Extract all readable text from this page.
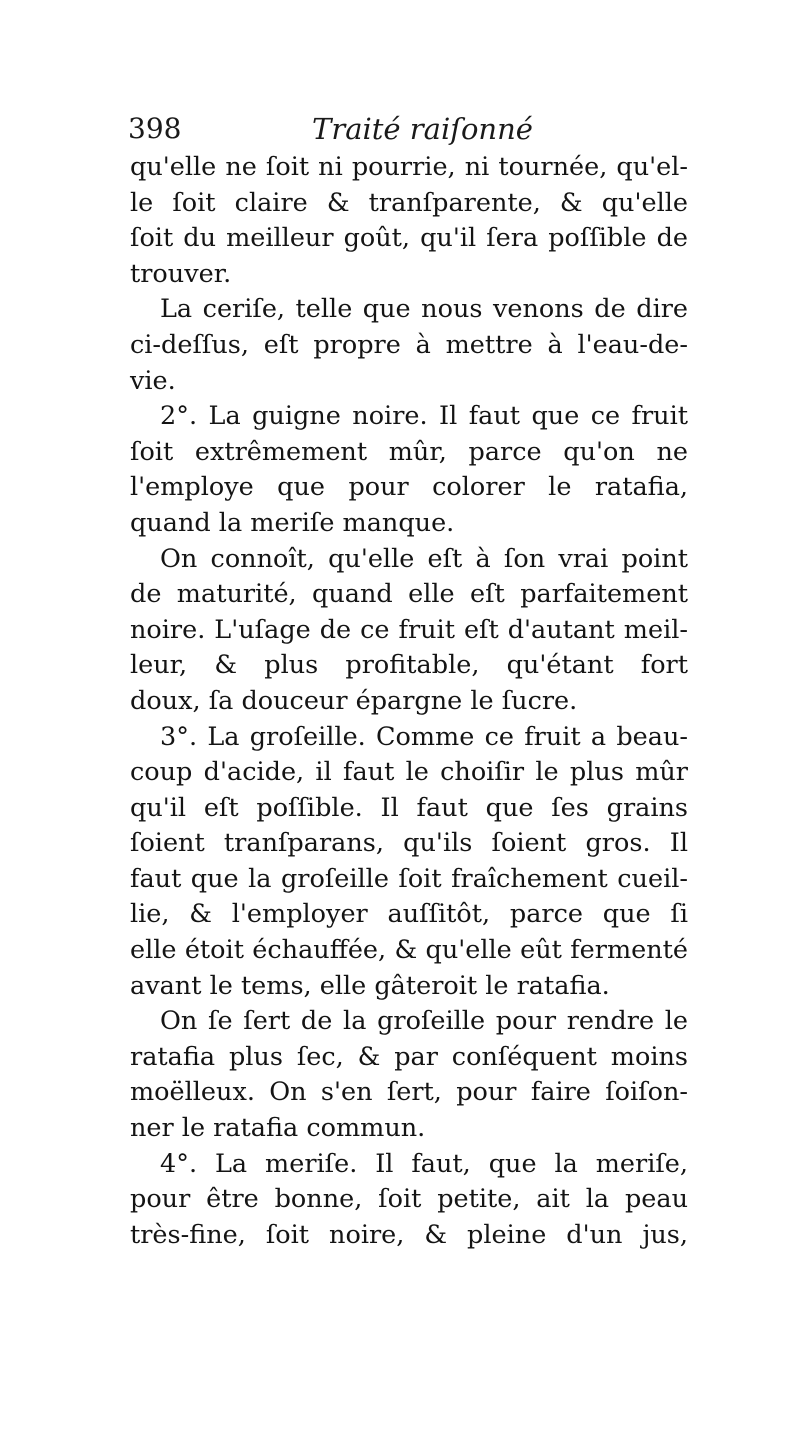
398	Traité raiſonné
qu'elle ne ſoit ni pourrie, ni tournée, qu'el-
le ſoit claire & tranſparente, & qu'elle
ſoit du meilleur goût, qu'il ſera poſſible de
trouver.
La ceriſe, telle que nous venons de dire
ci-deſſus, eſt propre à mettre à l'eau-de-
vie.
2°. La guigne noire. Il faut que ce fruit
ſoit extrêmement mûr, parce qu'on ne
l'employe que pour colorer le ratafia,
quand la meriſe manque.
On connoît, qu'elle eſt à ſon vrai point
de maturité, quand elle eſt parfaitement
noire. L'uſage de ce fruit eſt d'autant meil-
leur, & plus profitable, qu'étant fort
doux, ſa douceur épargne le ſucre.
3°. La groſeille. Comme ce fruit a beau-
coup d'acide, il faut le choiſir le plus mûr
qu'il eſt poſſible. Il faut que ſes grains
ſoient tranſparans, qu'ils ſoient gros. Il
faut que la groſeille ſoit fraîchement cueil-
lie, & l'employer auſſitôt, parce que ſi
elle étoit échauffée, & qu'elle eût fermenté
avant le tems, elle gâteroit le ratafia.
On ſe ſert de la groſeille pour rendre le
ratafia plus ſec, & par conſéquent moins
moëlleux. On s'en ſert, pour faire ſoiſon-
ner le ratafia commun.
4°. La meriſe. Il faut, que la meriſe,
pour être bonne, ſoit petite, ait la peau
très-fine, ſoit noire, & pleine d'un jus,
